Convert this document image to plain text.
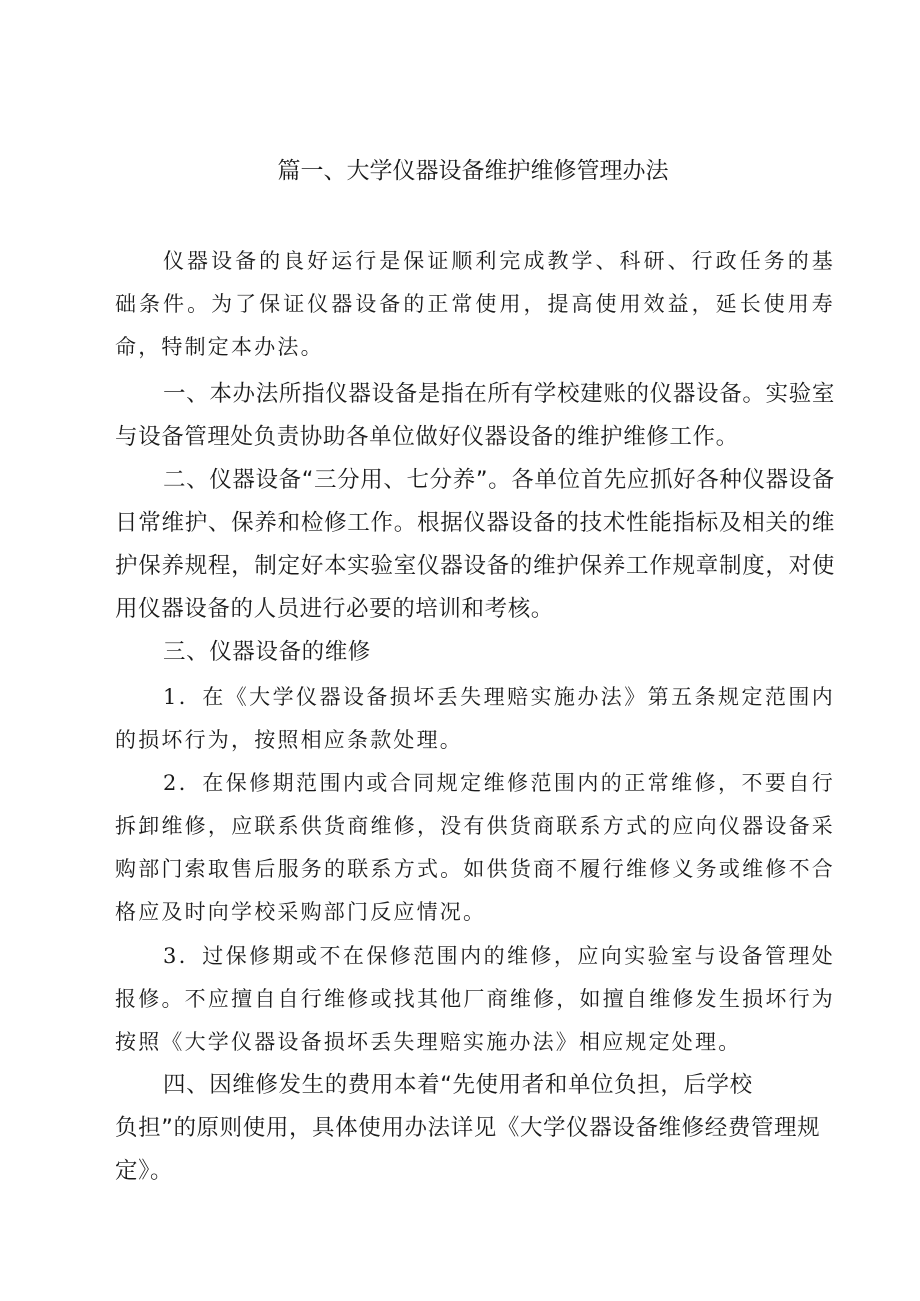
篇一、大学仪器设备维护维修管理办法

仪器设备的良好运行是保证顺利完成教学、科研、行政任务的基础条件。为了保证仪器设备的正常使用，提高使用效益，延长使用寿命，特制定本办法。

一、本办法所指仪器设备是指在所有学校建账的仪器设备。实验室与设备管理处负责协助各单位做好仪器设备的维护维修工作。

二、仪器设备“三分用、七分养”。各单位首先应抓好各种仪器设备日常维护、保养和检修工作。根据仪器设备的技术性能指标及相关的维护保养规程，制定好本实验室仪器设备的维护保养工作规章制度，对使用仪器设备的人员进行必要的培训和考核。

三、仪器设备的维修

1．在《大学仪器设备损坏丢失理赔实施办法》第五条规定范围内的损坏行为，按照相应条款处理。

2．在保修期范围内或合同规定维修范围内的正常维修，不要自行拆卸维修，应联系供货商维修，没有供货商联系方式的应向仪器设备采购部门索取售后服务的联系方式。如供货商不履行维修义务或维修不合格应及时向学校采购部门反应情况。

3．过保修期或不在保修范围内的维修，应向实验室与设备管理处报修。不应擅自自行维修或找其他厂商维修，如擅自维修发生损坏行为按照《大学仪器设备损坏丢失理赔实施办法》相应规定处理。

四、因维修发生的费用本着“先使用者和单位负担，后学校
负担”的原则使用，具体使用办法详见《大学仪器设备维修经费管理规
定》。
